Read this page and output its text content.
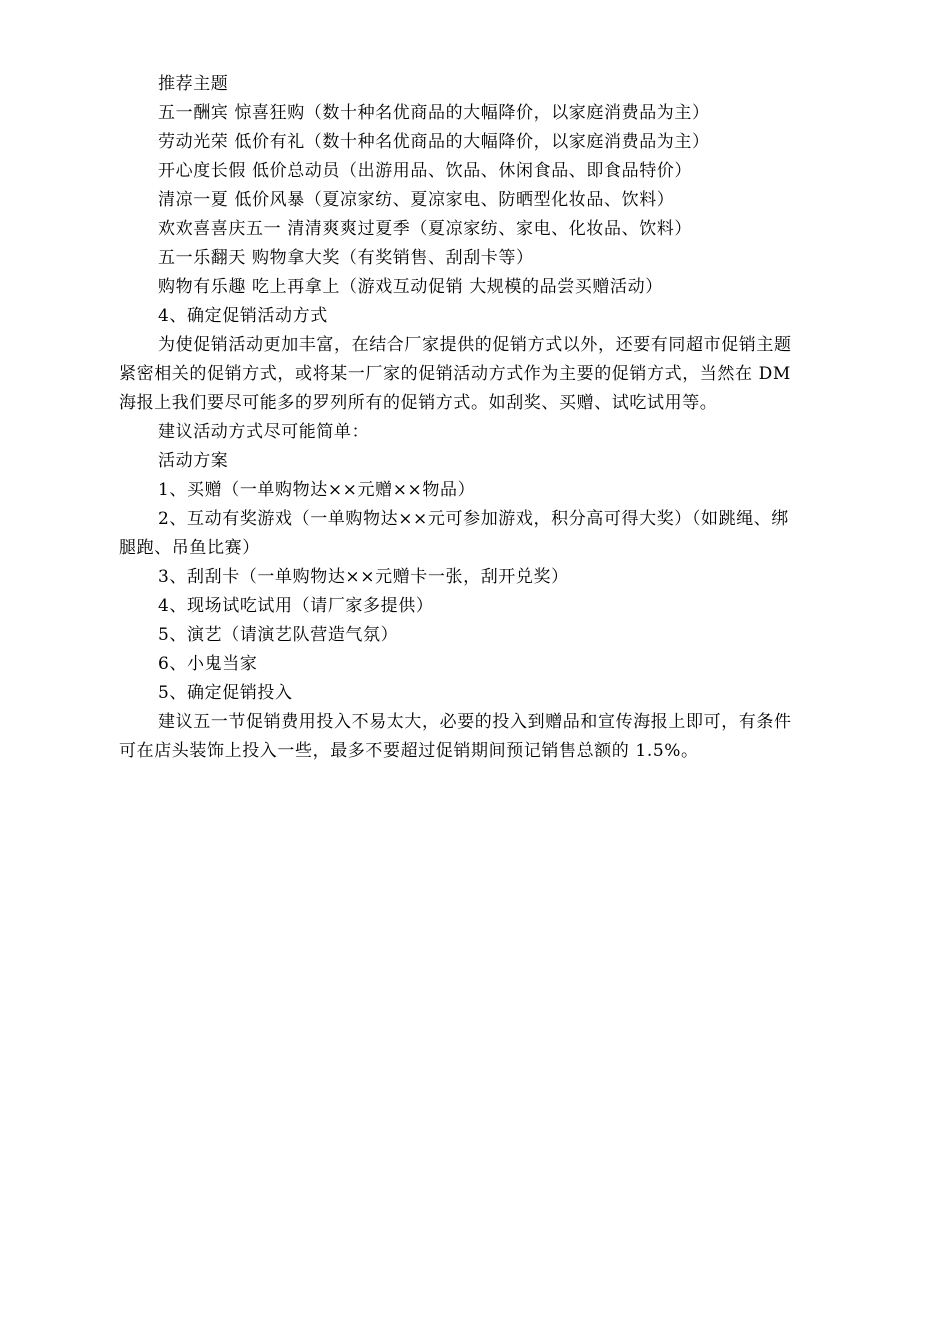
推荐主题
五一酬宾 惊喜狂购（数十种名优商品的大幅降价，以家庭消费品为主）
劳动光荣 低价有礼（数十种名优商品的大幅降价，以家庭消费品为主）
开心度长假 低价总动员（出游用品、饮品、休闲食品、即食品特价）
清凉一夏 低价风暴（夏凉家纺、夏凉家电、防晒型化妆品、饮料）
欢欢喜喜庆五一 清清爽爽过夏季（夏凉家纺、家电、化妆品、饮料）
五一乐翻天 购物拿大奖（有奖销售、刮刮卡等）
购物有乐趣 吃上再拿上（游戏互动促销 大规模的品尝买赠活动）
4、确定促销活动方式
为使促销活动更加丰富，在结合厂家提供的促销方式以外，还要有同超市促销主题
紧密相关的促销方式，或将某一厂家的促销活动方式作为主要的促销方式，当然在 DM
海报上我们要尽可能多的罗列所有的促销方式。如刮奖、买赠、试吃试用等。
建议活动方式尽可能简单：
活动方案
1、买赠（一单购物达××元赠××物品）
2、互动有奖游戏（一单购物达××元可参加游戏，积分高可得大奖）（如跳绳、绑
腿跑、吊鱼比赛）
3、刮刮卡（一单购物达××元赠卡一张，刮开兑奖）
4、现场试吃试用（请厂家多提供）
5、演艺（请演艺队营造气氛）
6、小鬼当家
5、确定促销投入
建议五一节促销费用投入不易太大，必要的投入到赠品和宣传海报上即可，有条件
可在店头装饰上投入一些，最多不要超过促销期间预记销售总额的 1.5%。
